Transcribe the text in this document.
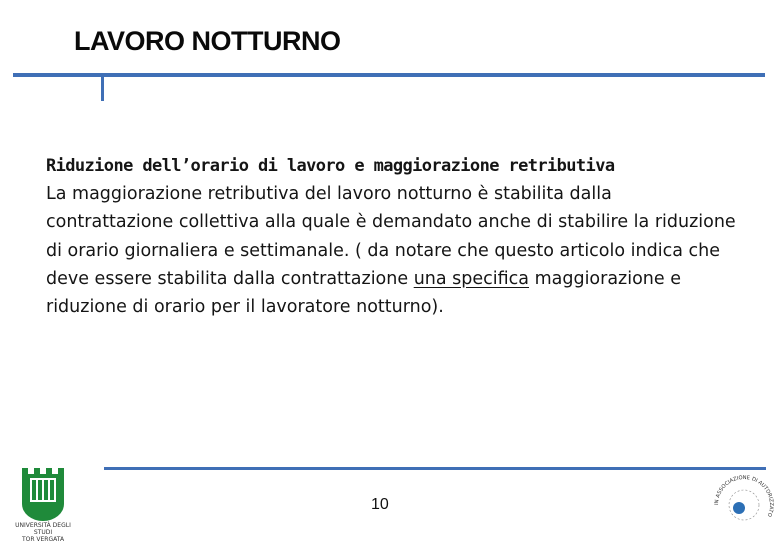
LAVORO NOTTURNO
Riduzione dell’orario di lavoro e maggiorazione retributiva
La maggiorazione retributiva del lavoro notturno è stabilita dalla contrattazione collettiva alla quale è demandato anche di stabilire la riduzione di orario giornaliera e settimanale. ( da notare che questo articolo indica che deve essere stabilita dalla contrattazione una specifica maggiorazione e riduzione di orario per il lavoratore notturno).
10
UNIVERSITÀ DEGLI STUDI
TOR VERGATA
IN ASSOCIAZIONE DI AUTORIZZATO
